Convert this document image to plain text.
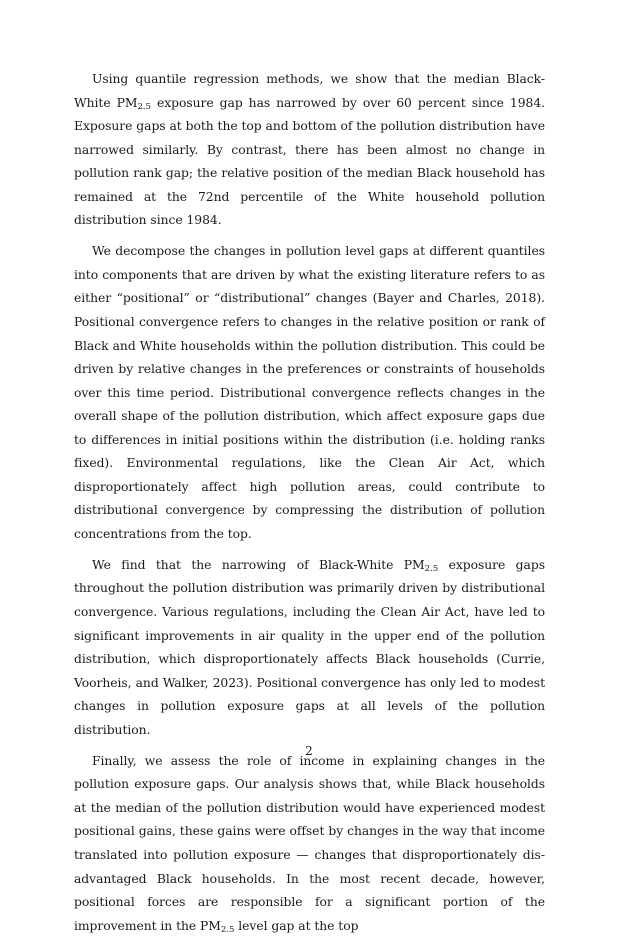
Using quantile regression methods, we show that the median Black-White $PM_{2.5}$ exposure gap has narrowed by over 60 percent since 1984. Exposure gaps at both the top and bottom of the pollution distribution have narrowed similarly. By contrast, there has been almost no change in pollution rank gap; the relative position of the median Black household has remained at the 72nd percentile of the White household pollution distribution since 1984.

We decompose the changes in pollution level gaps at different quantiles into components that are driven by what the existing literature refers to as either “positional” or “distributional” changes (Bayer and Charles, 2018). Positional convergence refers to changes in the relative position or rank of Black and White households within the pollution distribution. This could be driven by relative changes in the preferences or constraints of households over this time period. Distributional convergence reflects changes in the overall shape of the pollution distribution, which affect exposure gaps due to differences in initial positions within the distribution (i.e. holding ranks fixed). Environmental regulations, like the Clean Air Act, which disproportionately affect high pollution areas, could contribute to distributional convergence by compressing the distribution of pollution concentrations from the top.

We find that the narrowing of Black-White $PM_{2.5}$ exposure gaps throughout the pollution distribution was primarily driven by distributional convergence. Various regulations, including the Clean Air Act, have led to significant improvements in air quality in the upper end of the pollution distribution, which disproportionately affects Black households (Currie, Voorheis, and Walker, 2023). Positional convergence has only led to modest changes in pollution exposure gaps at all levels of the pollution distribution.

Finally, we assess the role of income in explaining changes in the pollution exposure gaps. Our analysis shows that, while Black households at the median of the pollution distribution would have experienced modest positional gains, these gains were offset by changes in the way that income translated into pollution exposure — changes that disproportionately disadvantaged Black households. In the most recent decade, however, positional forces are responsible for a significant portion of the improvement in the $PM_{2.5}$ level gap at the top

2
